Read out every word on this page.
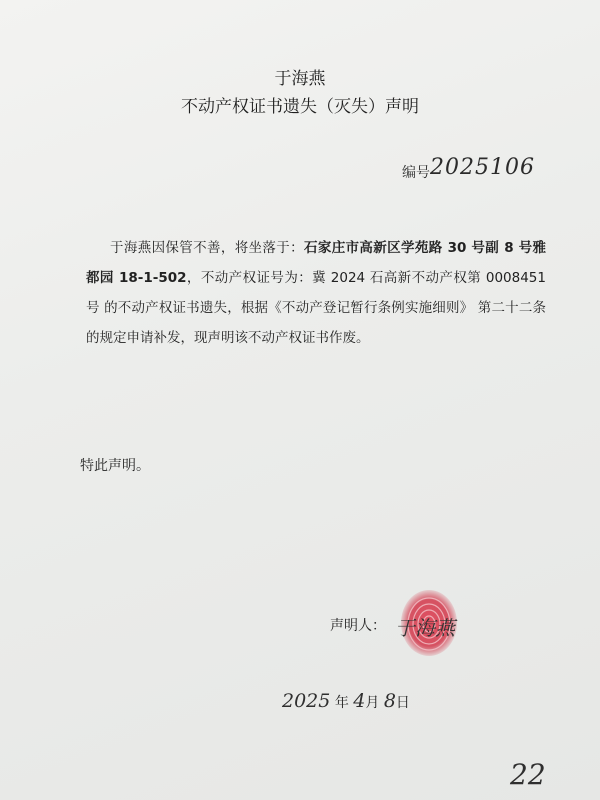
于海燕
不动产权证书遗失（灭失）声明
编号2025106
于海燕因保管不善，将坐落于：石家庄市高新区学苑路 30 号副 8 号雅都园 18-1-502，不动产权证号为：冀 2024 石高新不动产权第 0008451 号 的不动产权证书遗失，根据《不动产登记暂行条例实施细则》 第二十二条的规定申请补发，现声明该不动产权证书作废。
特此声明。
声明人： 于海燕
2025 年 4月 8日
22
